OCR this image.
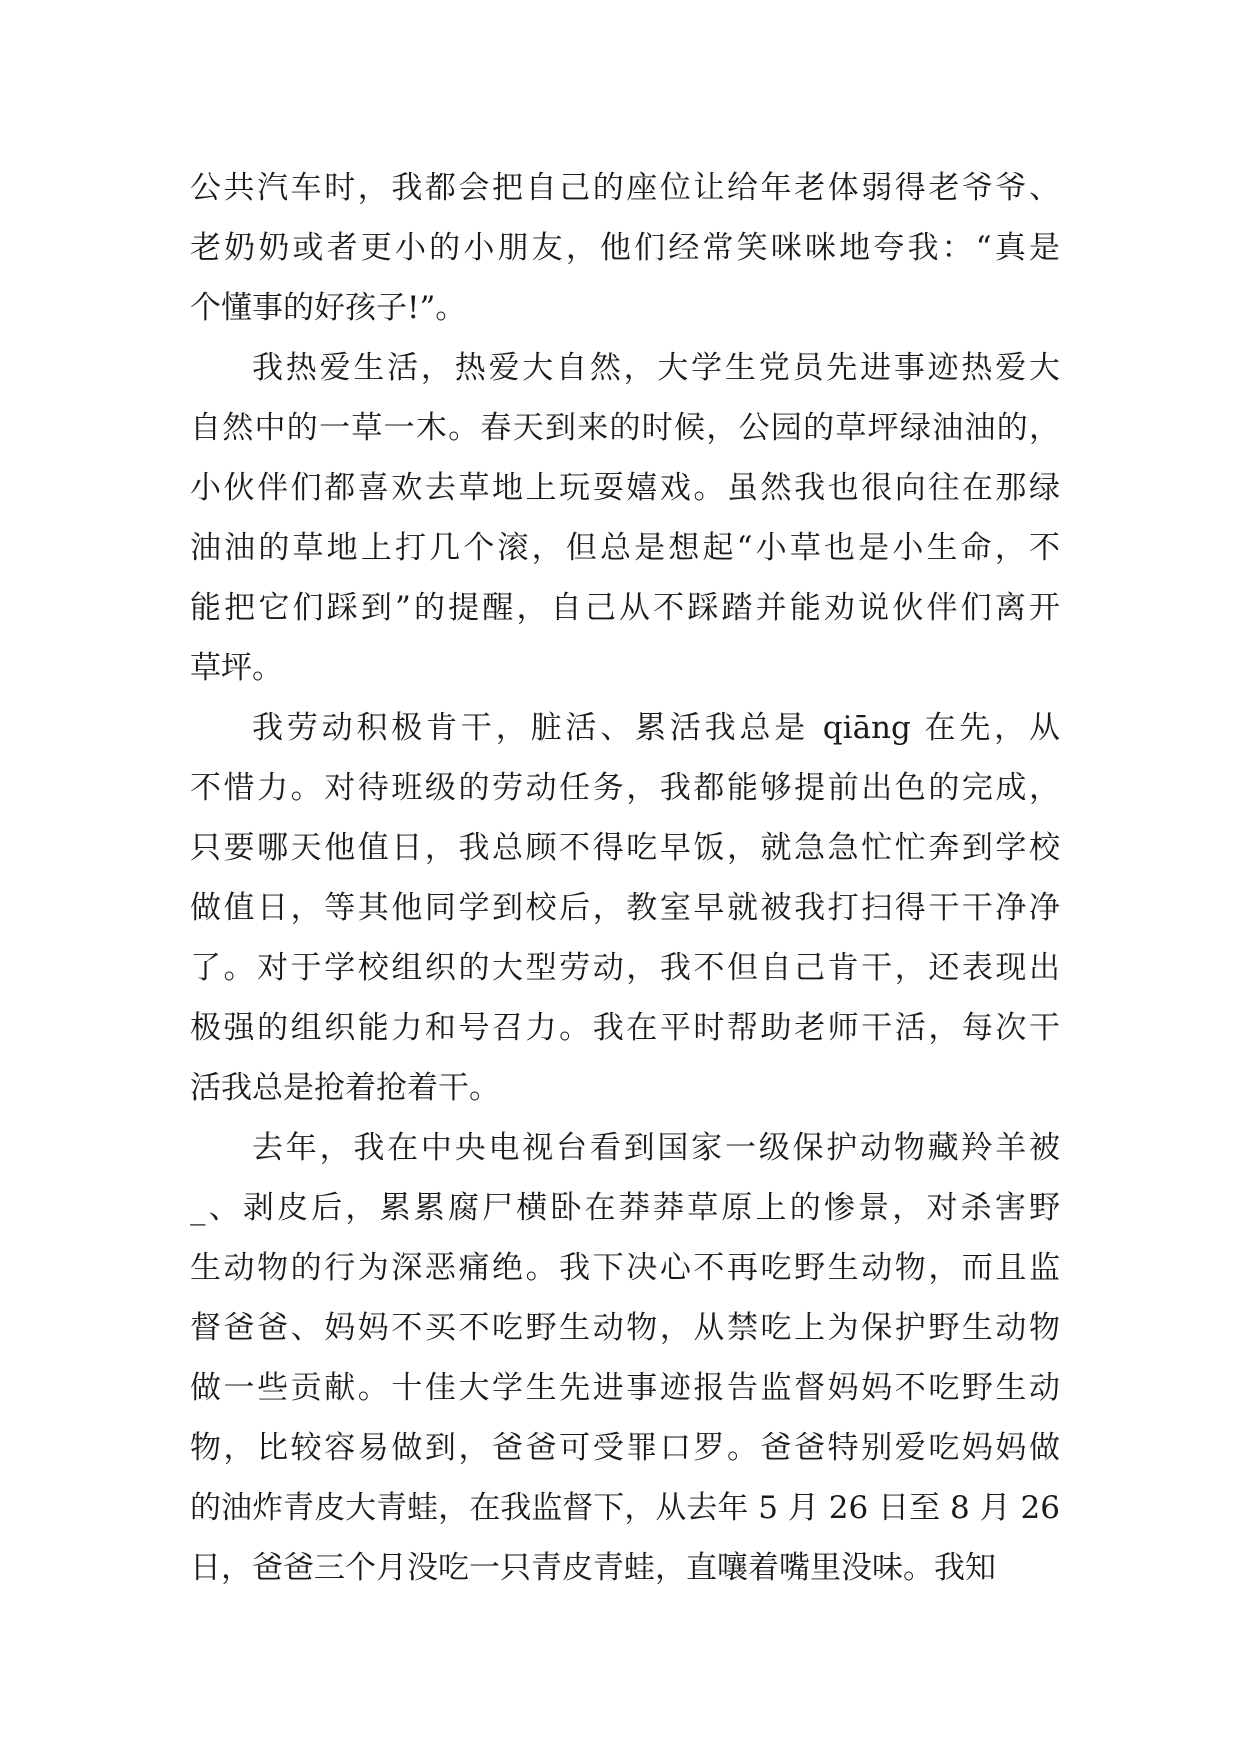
公共汽车时，我都会把自己的座位让给年老体弱得老爷爷、
老奶奶或者更小的小朋友，他们经常笑咪咪地夸我：“真是
个懂事的好孩子!”。
我热爱生活，热爱大自然，大学生党员先进事迹热爱大
自然中的一草一木。春天到来的时候，公园的草坪绿油油的，
小伙伴们都喜欢去草地上玩耍嬉戏。虽然我也很向往在那绿
油油的草地上打几个滚，但总是想起“小草也是小生命，不
能把它们踩到”的提醒，自己从不踩踏并能劝说伙伴们离开
草坪。
我劳动积极肯干，脏活、累活我总是 qiāng 在先，从
不惜力。对待班级的劳动任务，我都能够提前出色的完成，
只要哪天他值日，我总顾不得吃早饭，就急急忙忙奔到学校
做值日，等其他同学到校后，教室早就被我打扫得干干净净
了。对于学校组织的大型劳动，我不但自己肯干，还表现出
极强的组织能力和号召力。我在平时帮助老师干活，每次干
活我总是抢着抢着干。
去年，我在中央电视台看到国家一级保护动物藏羚羊被
_、剥皮后，累累腐尸横卧在莽莽草原上的惨景，对杀害野
生动物的行为深恶痛绝。我下决心不再吃野生动物，而且监
督爸爸、妈妈不买不吃野生动物，从禁吃上为保护野生动物
做一些贡献。十佳大学生先进事迹报告监督妈妈不吃野生动
物，比较容易做到，爸爸可受罪口罗。爸爸特别爱吃妈妈做
的油炸青皮大青蛙，在我监督下，从去年 5 月 26 日至 8 月 26
日，爸爸三个月没吃一只青皮青蛙，直嚷着嘴里没味。我知
